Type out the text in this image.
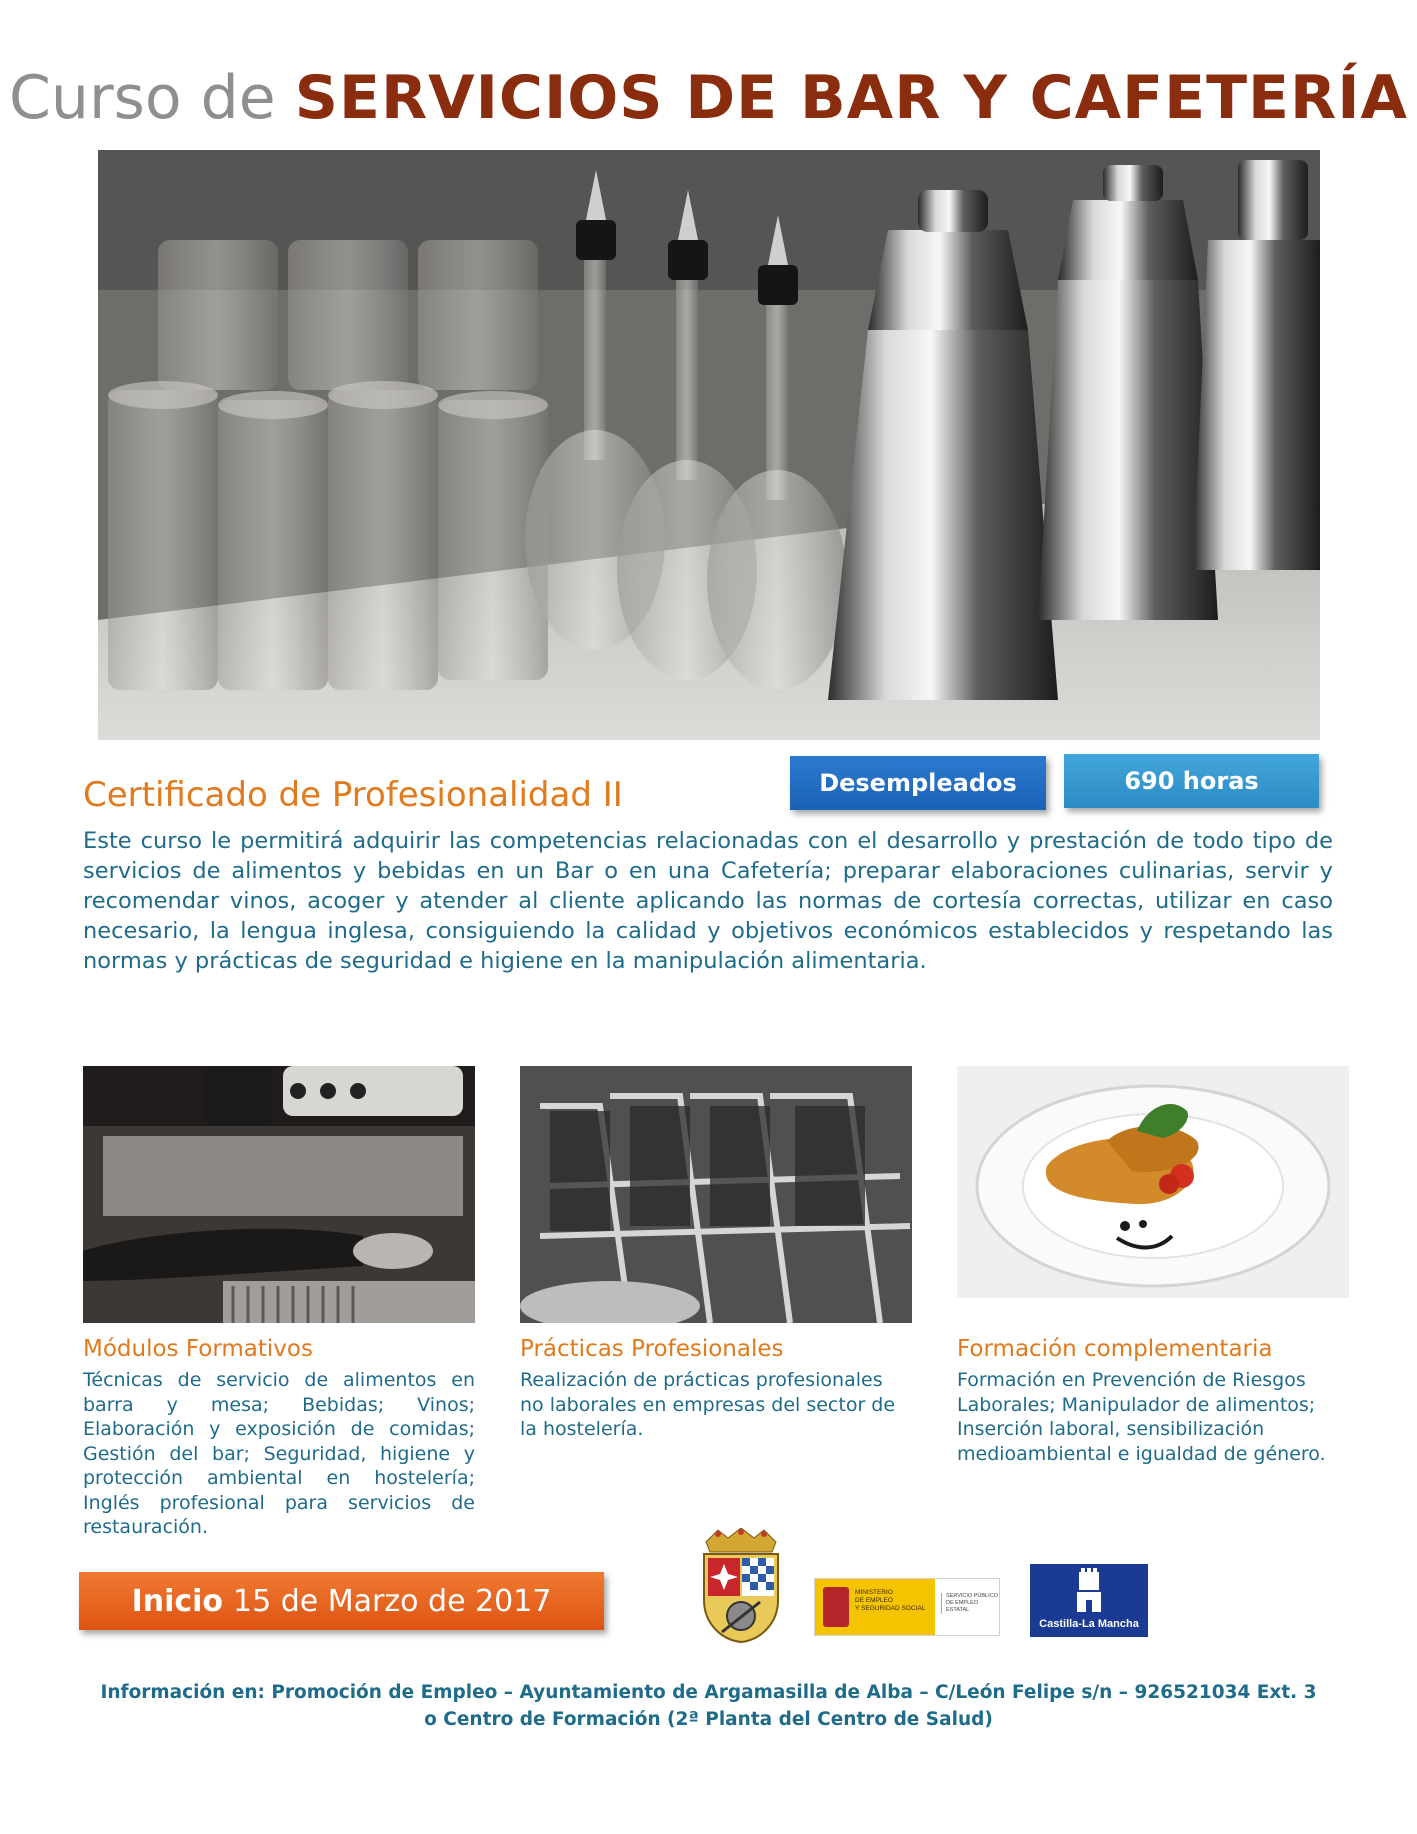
Curso de SERVICIOS DE BAR Y CAFETERÍA
Desempleados	690 horas
Certificado de Profesionalidad II
Este curso le permitirá adquirir las competencias relacionadas con el desarrollo y prestación de todo tipo de servicios de alimentos y bebidas en un Bar o en una Cafetería; preparar elaboraciones culinarias, servir y recomendar vinos, acoger y atender al cliente aplicando las normas de cortesía correctas, utilizar en caso necesario, la lengua inglesa, consiguiendo la calidad y objetivos económicos establecidos y respetando las normas y prácticas de seguridad e higiene en la manipulación alimentaria.
Módulos Formativos
Técnicas de servicio de alimentos en barra y mesa; Bebidas; Vinos; Elaboración y exposición de comidas; Gestión del bar; Seguridad, higiene y protección ambiental en hostelería; Inglés profesional para servicios de restauración.
Prácticas Profesionales
Realización de prácticas profesionales no laborales en empresas del sector de la hostelería.
Formación complementaria
Formación en Prevención de Riesgos Laborales; Manipulador de alimentos; Inserción laboral, sensibilización medioambiental e igualdad de género.
Inicio 15 de Marzo de 2017	MINISTERIO
DE EMPLEO
Y SEGURIDAD SOCIAL
SERVICIO PÚBLICO
DE EMPLEO ESTATAL
Castilla-La Mancha
Información en: Promoción de Empleo – Ayuntamiento de Argamasilla de Alba – C/León Felipe s/n – 926521034 Ext. 3
o Centro de Formación (2ª Planta del Centro de Salud)
